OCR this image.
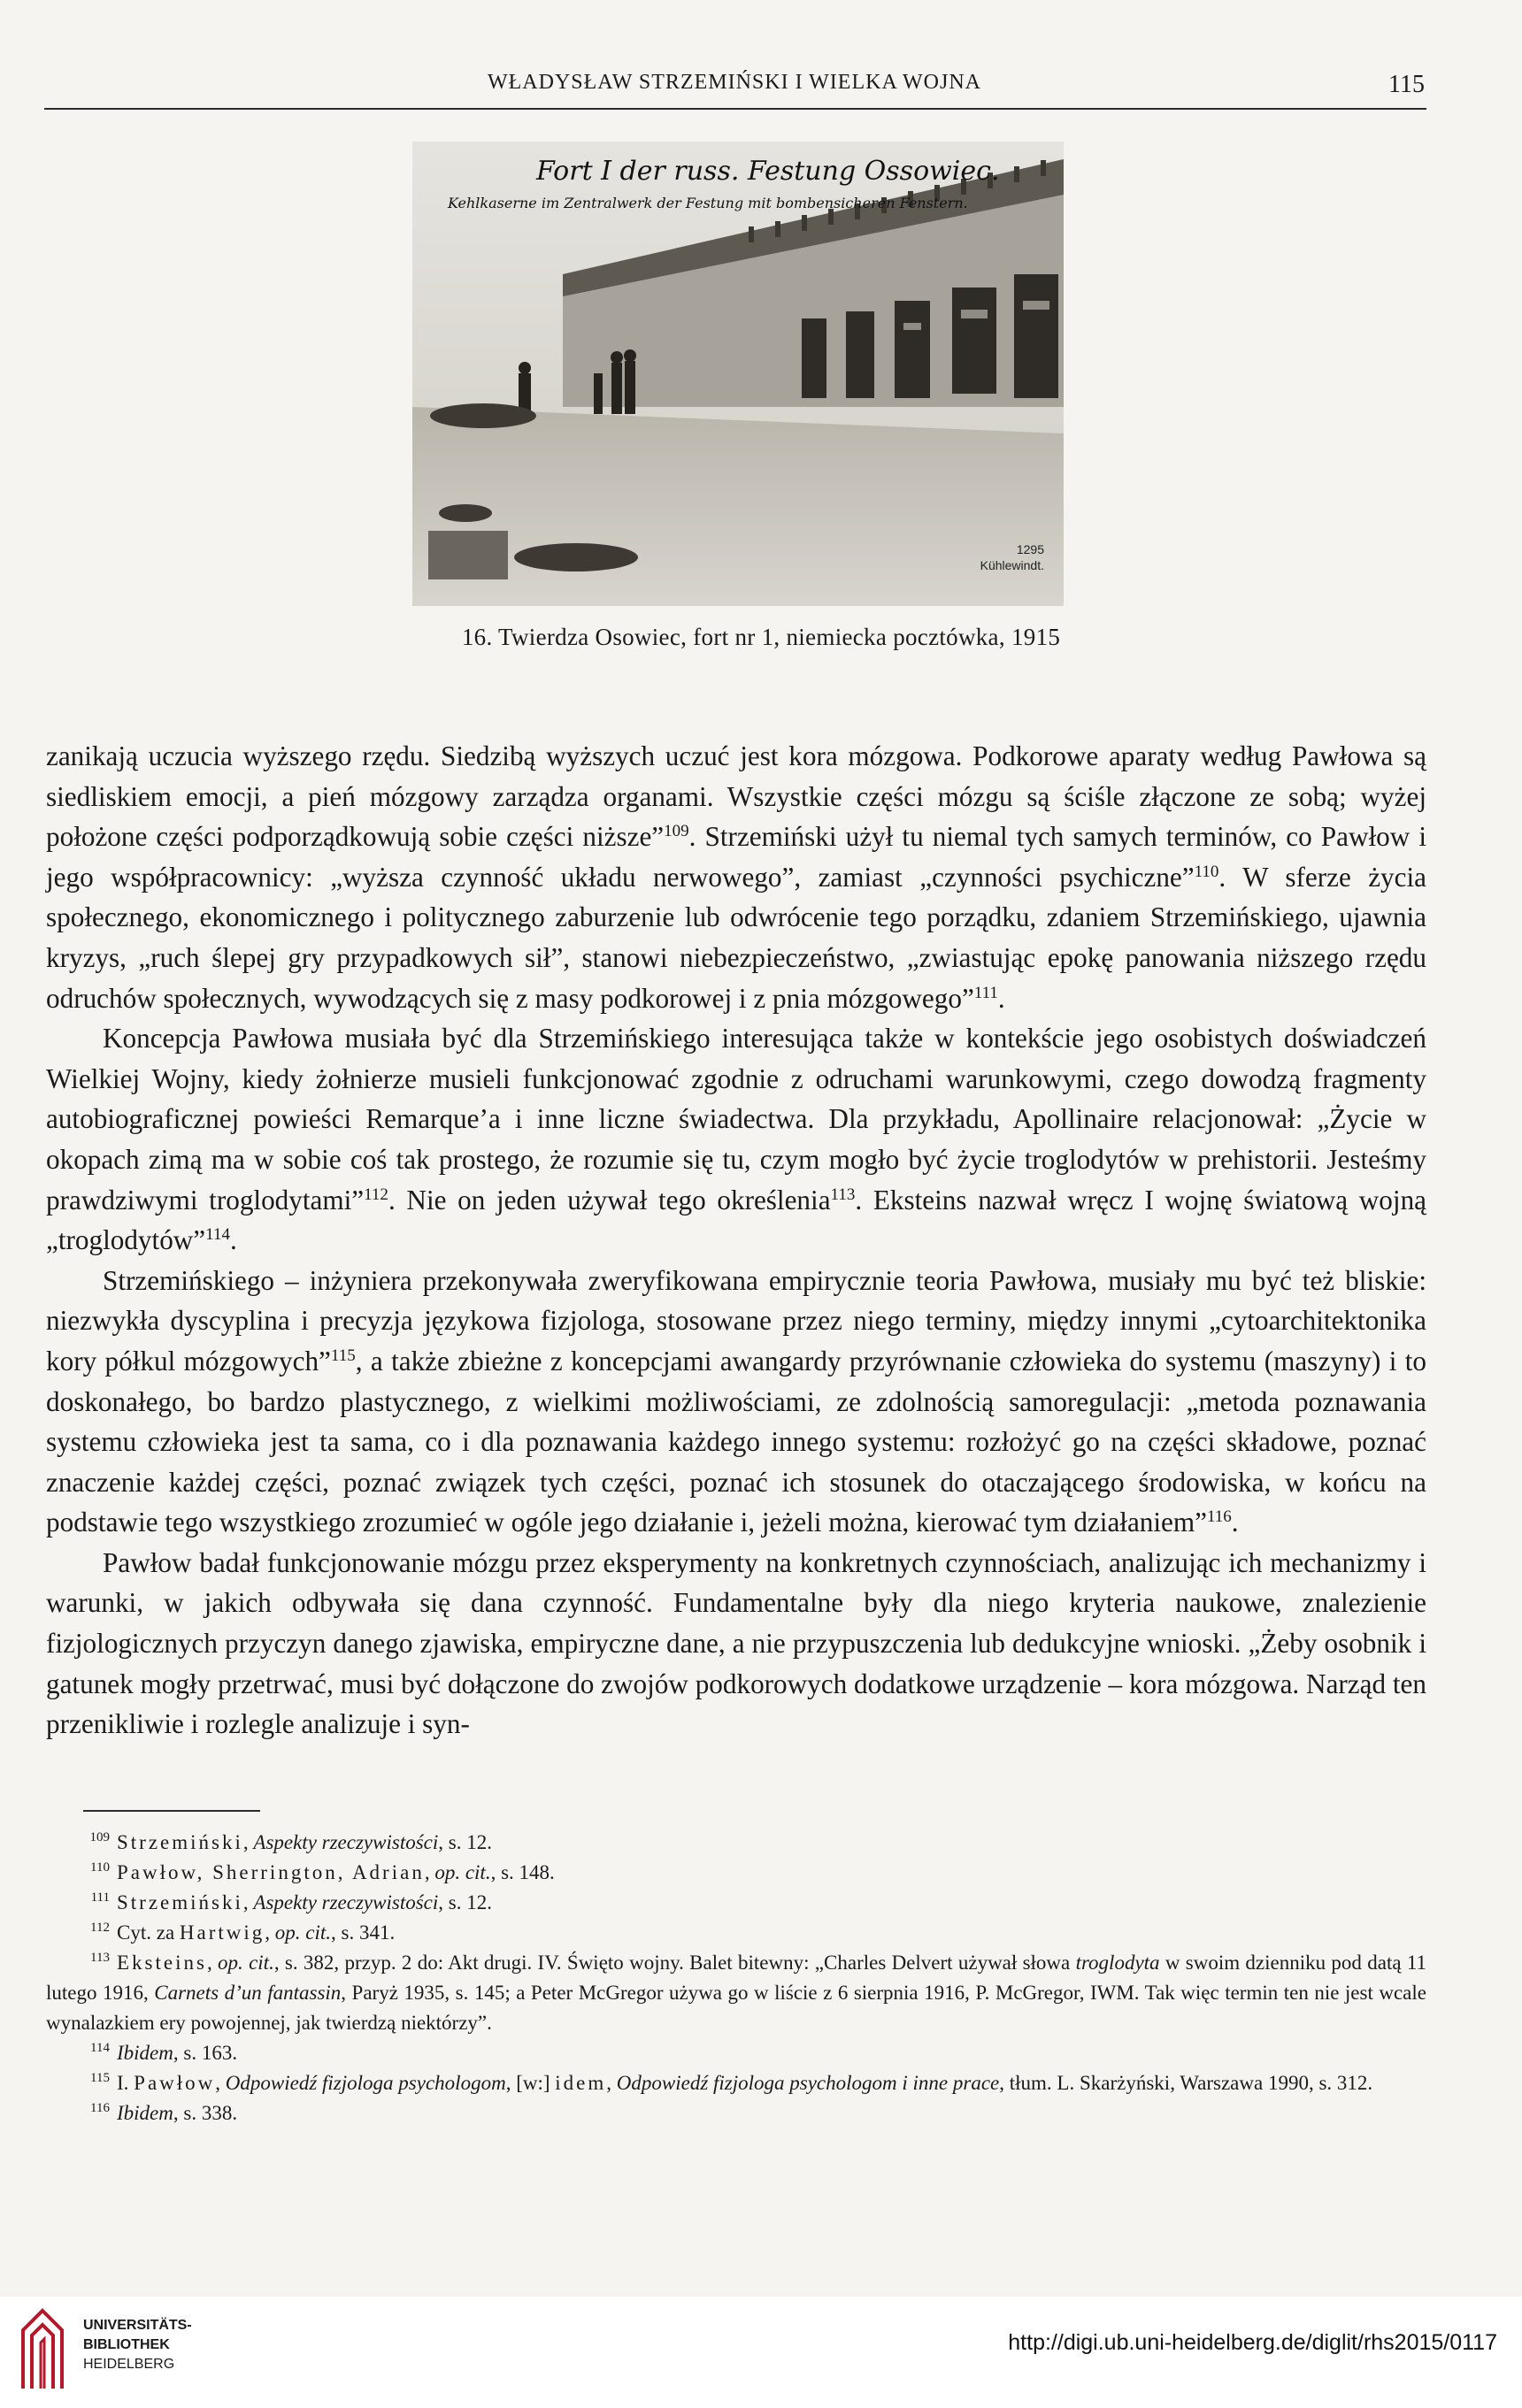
WŁADYSŁAW STRZEMIŃSKI I WIELKA WOJNA	115
Fort I der russ. Festung Ossowiec.
Kehlkaserne im Zentralwerk der Festung mit bombensicheren Fenstern.
1295
Kühlewindt.
16. Twierdza Osowiec, fort nr 1, niemiecka pocztówka, 1915

zanikają uczucia wyższego rzędu. Siedzibą wyższych uczuć jest kora mózgowa. Podkorowe aparaty według Pawłowa są siedliskiem emocji, a pień mózgowy zarządza organami. Wszystkie części mózgu są ściśle złączone ze sobą; wyżej położone części podporządkowują sobie części niższe”$^{109}$. Strzemiński użył tu niemal tych samych terminów, co Pawłow i jego współpracownicy: „wyższa czynność układu nerwowego”, zamiast „czynności psychiczne”$^{110}$. W sferze życia społecznego, ekonomicznego i politycznego zaburzenie lub odwrócenie tego porządku, zdaniem Strzemińskiego, ujawnia kryzys, „ruch ślepej gry przypadkowych sił”, stanowi niebezpieczeństwo, „zwiastując epokę panowania niższego rzędu odruchów społecznych, wywodzących się z masy podkorowej i z pnia mózgowego”$^{111}$.

Koncepcja Pawłowa musiała być dla Strzemińskiego interesująca także w kontekście jego osobistych doświadczeń Wielkiej Wojny, kiedy żołnierze musieli funkcjonować zgodnie z odruchami warunkowymi, czego dowodzą fragmenty autobiograficznej powieści Remarque’a i inne liczne świadectwa. Dla przykładu, Apollinaire relacjonował: „Życie w okopach zimą ma w sobie coś tak prostego, że rozumie się tu, czym mogło być życie troglodytów w prehistorii. Jesteśmy prawdziwymi troglodytami”$^{112}$. Nie on jeden używał tego określenia$^{113}$. Eksteins nazwał wręcz I wojnę światową wojną „troglodytów”$^{114}$.

Strzemińskiego – inżyniera przekonywała zweryfikowana empirycznie teoria Pawłowa, musiały mu być też bliskie: niezwykła dyscyplina i precyzja językowa fizjologa, stosowane przez niego terminy, między innymi „cytoarchitektonika kory półkul mózgowych”$^{115}$, a także zbieżne z koncepcjami awangardy przyrównanie człowieka do systemu (maszyny) i to doskonałego, bo bardzo plastycznego, z wielkimi możliwościami, ze zdolnością samoregulacji: „metoda poznawania systemu człowieka jest ta sama, co i dla poznawania każdego innego systemu: rozłożyć go na części składowe, poznać znaczenie każdej części, poznać związek tych części, poznać ich stosunek do otaczającego środowiska, w końcu na podstawie tego wszystkiego zrozumieć w ogóle jego działanie i, jeżeli można, kierować tym działaniem”$^{116}$.

Pawłow badał funkcjonowanie mózgu przez eksperymenty na konkretnych czynnościach, analizując ich mechanizmy i warunki, w jakich odbywała się dana czynność. Fundamentalne były dla niego kryteria naukowe, znalezienie fizjologicznych przyczyn danego zjawiska, empiryczne dane, a nie przypuszczenia lub dedukcyjne wnioski. „Żeby osobnik i gatunek mogły przetrwać, musi być dołączone do zwojów podkorowych dodatkowe urządzenie – kora mózgowa. Narząd ten przenikliwie i rozlegle analizuje i syn-

109 Strzemiński, Aspekty rzeczywistości, s. 12.

110 Pawłow, Sherrington, Adrian, op. cit., s. 148.

111 Strzemiński, Aspekty rzeczywistości, s. 12.

112 Cyt. za Hartwig, op. cit., s. 341.

113 Eksteins, op. cit., s. 382, przyp. 2 do: Akt drugi. IV. Święto wojny. Balet bitewny: „Charles Delvert używał słowa troglodyta w swoim dzienniku pod datą 11 lutego 1916, Carnets d’un fantassin, Paryż 1935, s. 145; a Peter McGregor używa go w liście z 6 sierpnia 1916, P. McGregor, IWM. Tak więc termin ten nie jest wcale wynalazkiem ery powojennej, jak twierdzą niektórzy”.

114 Ibidem, s. 163.

115 I. Pawłow, Odpowiedź fizjologa psychologom, [w:] idem, Odpowiedź fizjologa psychologom i inne prace, tłum. L. Skarżyński, Warszawa 1990, s. 312.

116 Ibidem, s. 338.

UNIVERSITÄTS-
BIBLIOTHEK
HEIDELBERG
http://digi.ub.uni-heidelberg.de/diglit/rhs2015/0117
